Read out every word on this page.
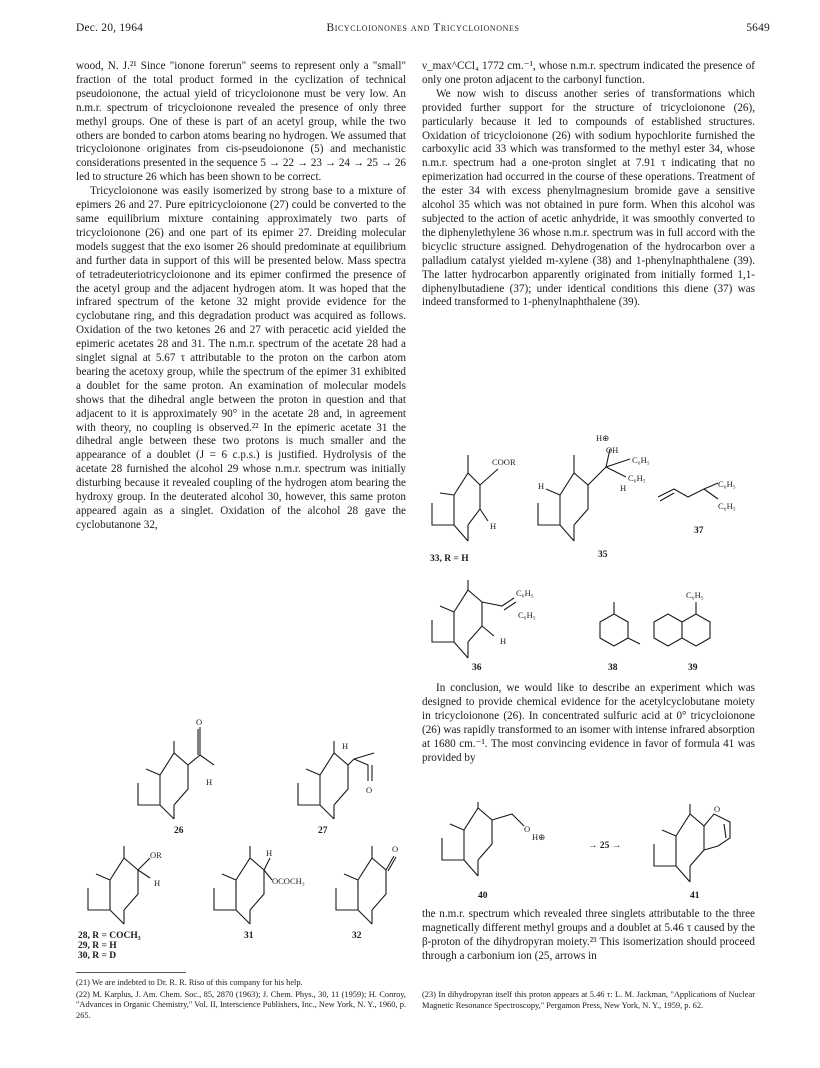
Dec. 20, 1964	Bicycloionones and Tricycloionones	5649

wood, N. J.²¹ Since "ionone forerun" seems to represent only a "small" fraction of the total product formed in the cyclization of technical pseudoionone, the actual yield of tricycloionone must be very low. An n.m.r. spectrum of tricycloionone revealed the presence of only three methyl groups. One of these is part of an acetyl group, while the two others are bonded to carbon atoms bearing no hydrogen. We assumed that tricycloionone originates from cis-pseudoionone (5) and mechanistic considerations presented in the sequence 5 → 22 → 23 → 24 → 25 → 26 led to structure 26 which has been shown to be correct.

Tricycloionone was easily isomerized by strong base to a mixture of epimers 26 and 27. Pure epitricycloionone (27) could be converted to the same equilibrium mixture containing approximately two parts of tricycloionone (26) and one part of its epimer 27. Dreiding molecular models suggest that the exo isomer 26 should predominate at equilibrium and further data in support of this will be presented below. Mass spectra of tetradeuteriotricycloionone and its epimer confirmed the presence of the acetyl group and the adjacent hydrogen atom. It was hoped that the infrared spectrum of the ketone 32 might provide evidence for the cyclobutane ring, and this degradation product was acquired as follows. Oxidation of the two ketones 26 and 27 with peracetic acid yielded the epimeric acetates 28 and 31. The n.m.r. spectrum of the acetate 28 had a singlet signal at 5.67 τ attributable to the proton on the carbon atom bearing the acetoxy group, while the spectrum of the epimer 31 exhibited a doublet for the same proton. An examination of molecular models shows that the dihedral angle between the proton in question and that adjacent to it is approximately 90° in the acetate 28 and, in agreement with theory, no coupling is observed.²² In the epimeric acetate 31 the dihedral angle between these two protons is much smaller and the appearance of a doublet (J = 6 c.p.s.) is justified. Hydrolysis of the acetate 28 furnished the alcohol 29 whose n.m.r. spectrum was initially disturbing because it revealed coupling of the hydrogen atom bearing the hydroxy group. In the deuterated alcohol 30, however, this same proton appeared again as a singlet. Oxidation of the alcohol 28 gave the cyclobutanone 32,

ν_max^CCl₄ 1772 cm.⁻¹, whose n.m.r. spectrum indicated the presence of only one proton adjacent to the carbonyl function.

We now wish to discuss another series of transformations which provided further support for the structure of tricycloionone (26), particularly because it led to compounds of established structures. Oxidation of tricycloionone (26) with sodium hypochlorite furnished the carboxylic acid 33 which was transformed to the methyl ester 34, whose n.m.r. spectrum had a one-proton singlet at 7.91 τ indicating that no epimerization had occurred in the course of these operations. Treatment of the ester 34 with excess phenylmagnesium bromide gave a sensitive alcohol 35 which was not obtained in pure form. When this alcohol was subjected to the action of acetic anhydride, it was smoothly converted to the diphenylethylene 36 whose n.m.r. spectrum was in full accord with the bicyclic structure assigned. Dehydrogenation of the hydrocarbon over a palladium catalyst yielded m-xylene (38) and 1-phenylnaphthalene (39). The latter hydrocarbon apparently originated from initially formed 1,1-diphenylbutadiene (37); under identical conditions this diene (37) was indeed transformed to 1-phenylnaphthalene (39).

In conclusion, we would like to describe an experiment which was designed to provide chemical evidence for the acetylcyclobutane moiety in tricycloionone (26). In concentrated sulfuric acid at 0° tricycloionone (26) was rapidly transformed to an isomer with intense infrared absorption at 1680 cm.⁻¹. The most convincing evidence in favor of formula 41 was provided by

the n.m.r. spectrum which revealed three singlets attributable to the three magnetically different methyl groups and a doublet at 5.46 τ caused by the β-proton of the dihydropyran moiety.²³ This isomerization should proceed through a carbonium ion (25, arrows in

COOR
H
33, R = H
H⊕
OH
C₆H₅
C₆H₅
H	H
35
C₆H₅
C₆H₅
37
C₆H₅
C₆H₅
H
36	38
C₆H₅
39
O
H⊕
40
→ 25 →
O
41
O
H
26
H
O
27
OR
H
28, R = COCH₃
29, R = H
30, R = D
H
OCOCH₃
31
O
32

(21) We are indebted to Dr. R. R. Riso of this company for his help.

(22) M. Karplus, J. Am. Chem. Soc., 85, 2870 (1963); J. Chem. Phys., 30, 11 (1959); H. Conroy, "Advances in Organic Chemistry," Vol. II, Interscience Publishers, Inc., New York, N. Y., 1960, p. 265.

(23) In dihydropyran itself this proton appears at 5.46 τ: L. M. Jackman, "Applications of Nuclear Magnetic Resonance Spectroscopy," Pergamon Press, New York, N. Y., 1959, p. 62.
